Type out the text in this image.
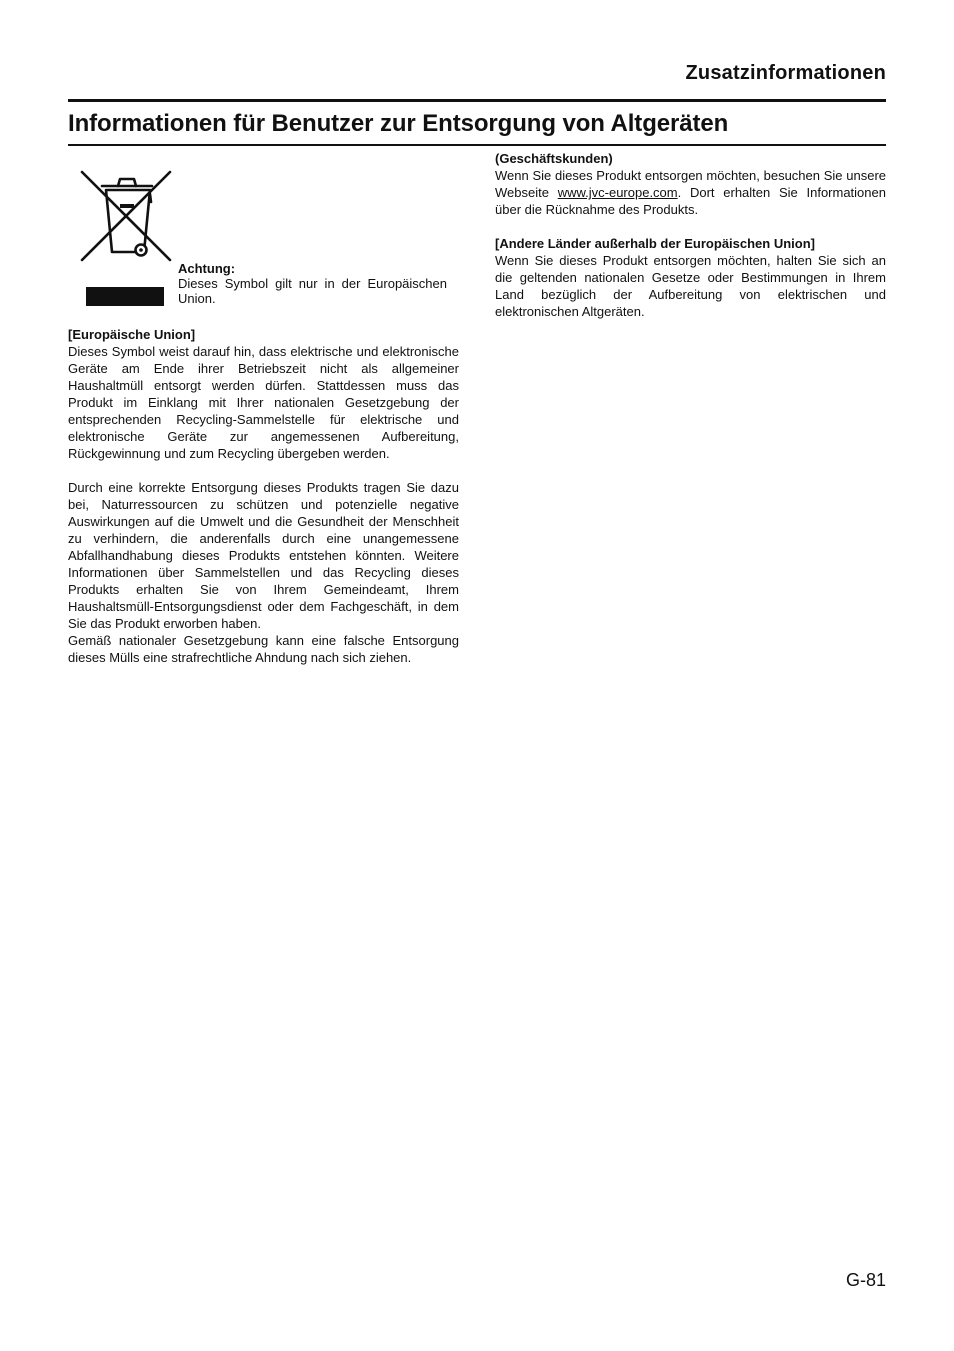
Zusatzinformationen
Informationen für Benutzer zur Entsorgung von Altgeräten

Achtung:

Dieses Symbol gilt nur in der Europäischen Union.

[Europäische Union]

Dieses Symbol weist darauf hin, dass elektrische und elektronische Geräte am Ende ihrer Betriebszeit nicht als allgemeiner Haushaltmüll entsorgt werden dürfen. Stattdessen muss das Produkt im Einklang mit Ihrer nationalen Gesetzgebung der entsprechenden Recycling-Sammelstelle für elektrische und elektronische Geräte zur angemessenen Aufbereitung, Rückgewinnung und zum Recycling übergeben werden.

Durch eine korrekte Entsorgung dieses Produkts tragen Sie dazu bei, Naturressourcen zu schützen und potenzielle negative Auswirkungen auf die Umwelt und die Gesundheit der Menschheit zu verhindern, die anderenfalls durch eine unangemessene Abfallhandhabung dieses Produkts entstehen könnten. Weitere Informationen über Sammelstellen und das Recycling dieses Produkts erhalten Sie von Ihrem Gemeindeamt, Ihrem Haushaltsmüll-Entsorgungsdienst oder dem Fachgeschäft, in dem Sie das Produkt erworben haben.

Gemäß nationaler Gesetzgebung kann eine falsche Entsorgung dieses Mülls eine strafrechtliche Ahndung nach sich ziehen.

(Geschäftskunden)

Wenn Sie dieses Produkt entsorgen möchten, besuchen Sie unsere Webseite www.jvc-europe.com. Dort erhalten Sie Informationen über die Rücknahme des Produkts.

[Andere Länder außerhalb der Europäischen Union]

Wenn Sie dieses Produkt entsorgen möchten, halten Sie sich an die geltenden nationalen Gesetze oder Bestimmungen in Ihrem Land bezüglich der Aufbereitung von elektrischen und elektronischen Altgeräten.

G-81
